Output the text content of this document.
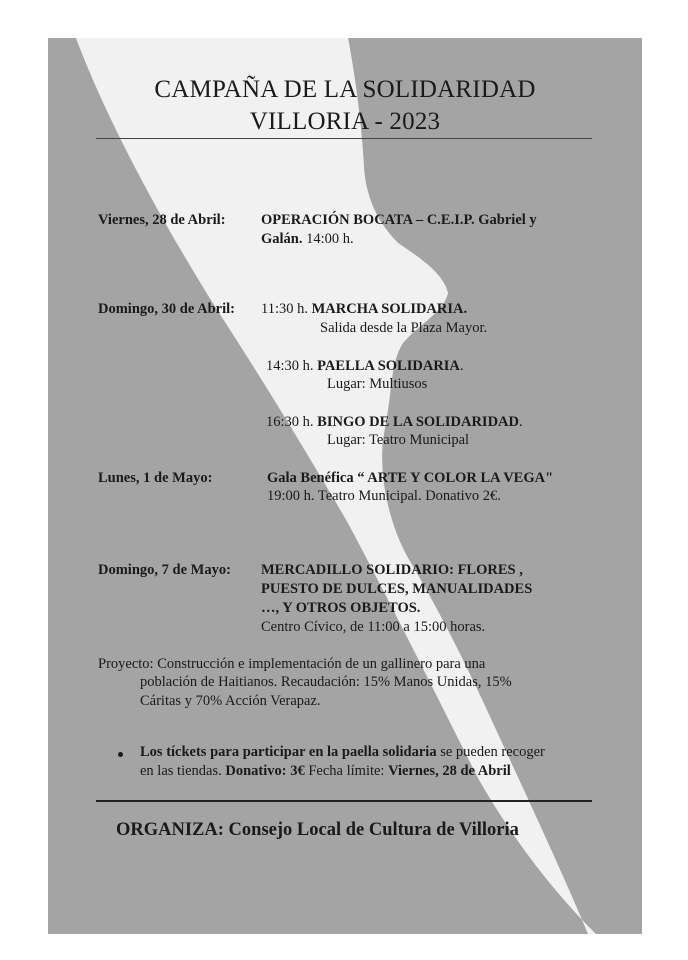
CAMPAÑA DE LA SOLIDARIDAD
VILLORIA - 2023
Viernes, 28 de Abril: OPERACIÓN BOCATA – C.E.I.P. Gabriel y
Galán. 14:00 h.
Domingo, 30 de Abril: 11:30 h. MARCHA SOLIDARIA.
Salida desde la Plaza Mayor.
14:30 h. PAELLA SOLIDARIA.
Lugar: Multiusos
16:30 h. BINGO DE LA SOLIDARIDAD.
Lugar: Teatro Municipal
Lunes, 1 de Mayo:	Gala Benéfica “ ARTE Y COLOR LA VEGA"
19:00 h. Teatro Municipal. Donativo 2€.
Domingo, 7 de Mayo: MERCADILLO SOLIDARIO: FLORES ,
PUESTO DE DULCES, MANUALIDADES
…, Y OTROS OBJETOS.
Centro Cívico, de 11:00 a 15:00 horas.
Proyecto: Construcción e implementación de un gallinero para una
población de Haitianos. Recaudación: 15% Manos Unidas, 15%
Cáritas y 70% Acción Verapaz.
Los tíckets para participar en la paella solidaria se pueden recoger
en las tiendas. Donativo: 3€ Fecha límite: Viernes, 28 de Abril
ORGANIZA: Consejo Local de Cultura de Villoria
